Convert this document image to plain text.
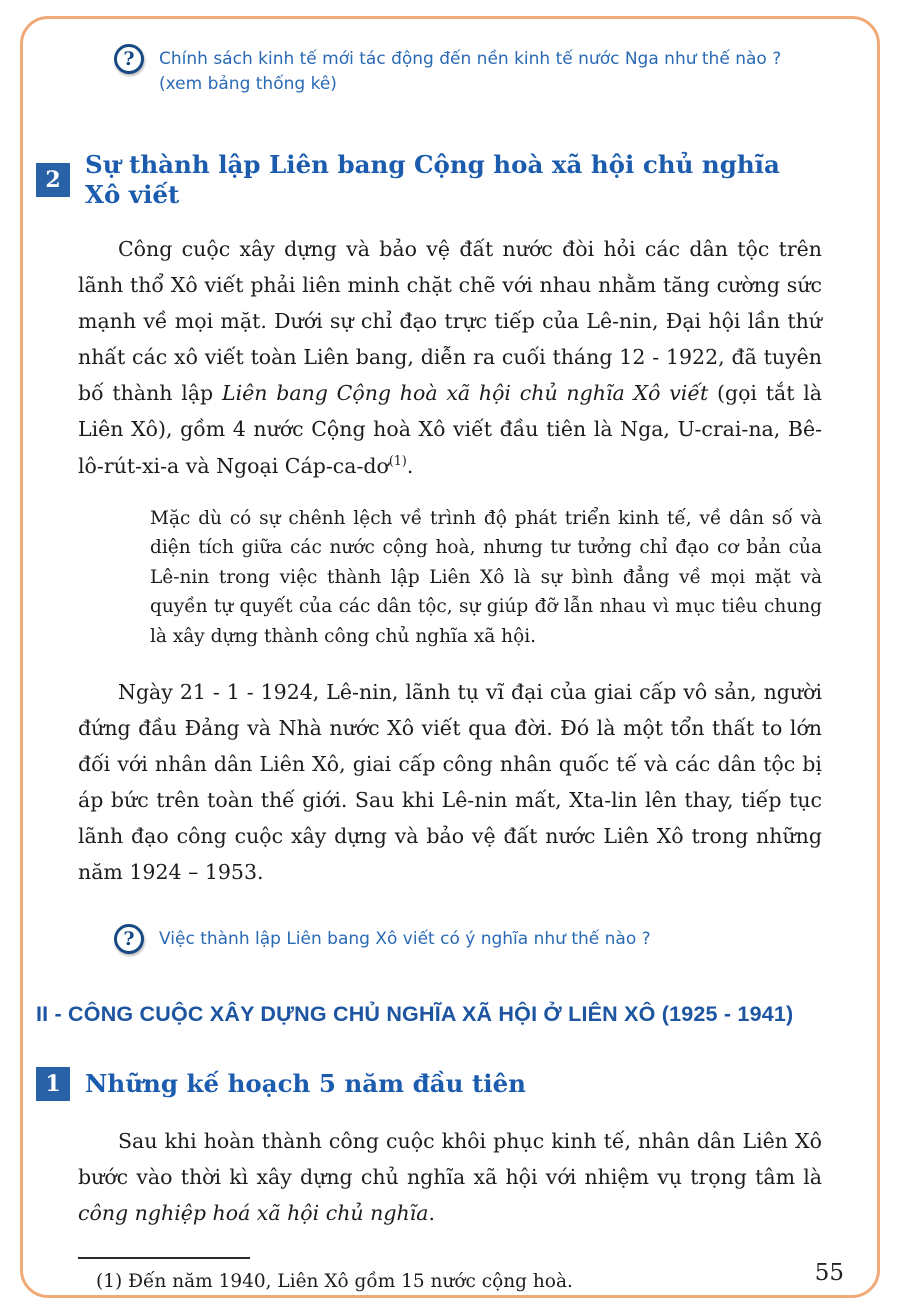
?	Chính sách kinh tế mới tác động đến nền kinh tế nước Nga như thế nào ? (xem bảng thống kê)
2
Sự thành lập Liên bang Cộng hoà xã hội chủ nghĩa Xô viết

Công cuộc xây dựng và bảo vệ đất nước đòi hỏi các dân tộc trên lãnh thổ Xô viết phải liên minh chặt chẽ với nhau nhằm tăng cường sức mạnh về mọi mặt. Dưới sự chỉ đạo trực tiếp của Lê-nin, Đại hội lần thứ nhất các xô viết toàn Liên bang, diễn ra cuối tháng 12 - 1922, đã tuyên bố thành lập Liên bang Cộng hoà xã hội chủ nghĩa Xô viết (gọi tắt là Liên Xô), gồm 4 nước Cộng hoà Xô viết đầu tiên là Nga, U-crai-na, Bê-lô-rút-xi-a và Ngoại Cáp-$ca-dơ^{(1)}$.

Mặc dù có sự chênh lệch về trình độ phát triển kinh tế, về dân số và diện tích giữa các nước cộng hoà, nhưng tư tưởng chỉ đạo cơ bản của Lê-nin trong việc thành lập Liên Xô là sự bình đẳng về mọi mặt và quyền tự quyết của các dân tộc, sự giúp đỡ lẫn nhau vì mục tiêu chung là xây dựng thành công chủ nghĩa xã hội.

Ngày 21 - 1 - 1924, Lê-nin, lãnh tụ vĩ đại của giai cấp vô sản, người đứng đầu Đảng và Nhà nước Xô viết qua đời. Đó là một tổn thất to lớn đối với nhân dân Liên Xô, giai cấp công nhân quốc tế và các dân tộc bị áp bức trên toàn thế giới. Sau khi Lê-nin mất, Xta-lin lên thay, tiếp tục lãnh đạo công cuộc xây dựng và bảo vệ đất nước Liên Xô trong những năm 1924 – 1953.

?	Việc thành lập Liên bang Xô viết có ý nghĩa như thế nào ?
II - CÔNG CUỘC XÂY DỰNG CHỦ NGHĨA XÃ HỘI Ở LIÊN XÔ (1925 - 1941)
1 Những kế hoạch 5 năm đầu tiên

Sau khi hoàn thành công cuộc khôi phục kinh tế, nhân dân Liên Xô bước vào thời kì xây dựng chủ nghĩa xã hội với nhiệm vụ trọng tâm là công nghiệp hoá xã hội chủ nghĩa.

(1) Đến năm 1940, Liên Xô gồm 15 nước cộng hoà.	55
